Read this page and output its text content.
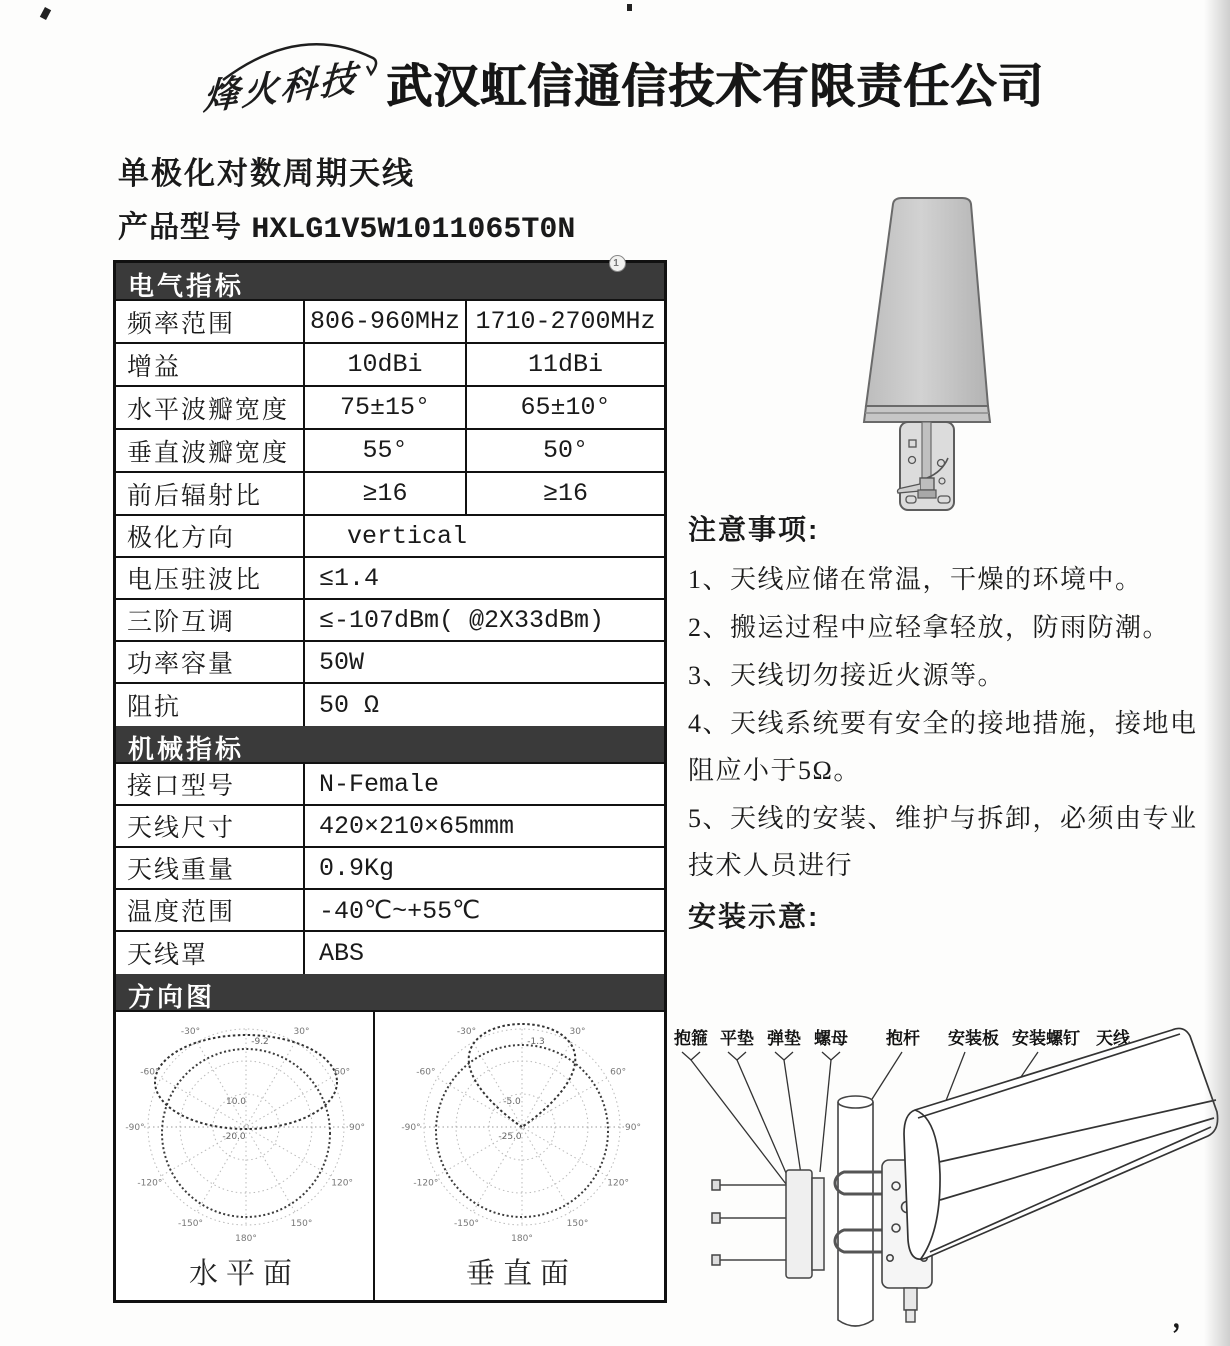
烽火科技 武汉虹信通信技术有限责任公司
单极化对数周期天线
产品型号 HXLG1V5W1011065T0N
电气指标
1
频率范围	806-960MHz 1710-2700MHz
增益	10dBi	11dBi
水平波瓣宽度	75±15°	65±10°
垂直波瓣宽度	55°	50°
前后辐射比	≥16	≥16
极化方向	vertical
电压驻波比	≤1.4
三阶互调	≤-107dBm( @2X33dBm)
功率容量	50W
阻抗	50 Ω
机械指标
接口型号	N-Female
天线尺寸	420×210×65mmm
天线重量	0.9Kg
温度范围	-40℃~+55℃
天线罩	ABS
方向图
-30°
-60°
-90°
-120°
-150°
30°
60°
90°
120°
150°
180°
-9.2
10.0
-20.0
水平面
-30°
-60°
-90°
-120°
-150°
30°
60°
90°
120°
150°
180°
-1.3
-5.0
-25.0
垂直面
注意事项:
1、天线应储在常温，干燥的环境中。
2、搬运过程中应轻拿轻放，防雨防潮。
3、天线切勿接近火源等。
4、天线系统要有安全的接地措施，接地电阻应小于5Ω。
5、天线的安装、维护与拆卸，必须由专业技术人员进行
安装示意:
抱箍 平垫 弹垫 螺母 抱杆 安装板 安装螺钉 天线
，
